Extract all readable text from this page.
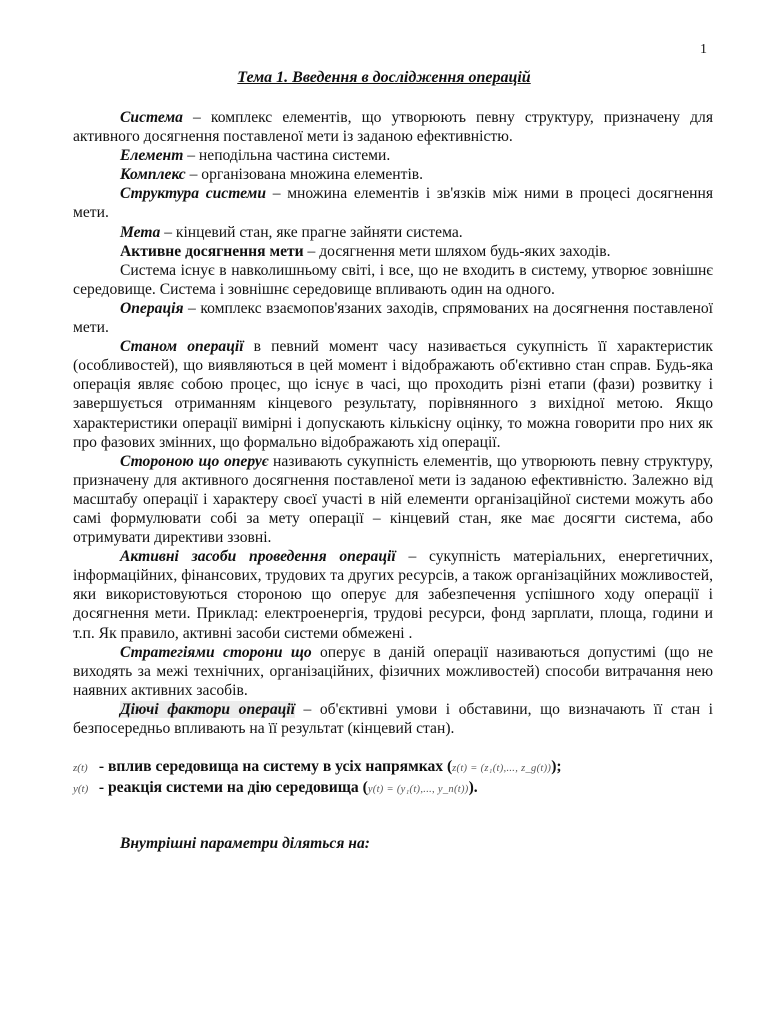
1
Тема 1. Введення в дослідження операцій

Система – комплекс елементів, що утворюють певну структуру, призначену для активного досягнення поставленої мети із заданою ефективністю.

Елемент – неподільна частина системи.

Комплекс – організована множина елементів.

Структура системи – множина елементів і зв'язків між ними в процесі досягнення мети.

Мета – кінцевий стан, яке прагне зайняти система.

Активне досягнення мети – досягнення мети шляхом будь-яких заходів.

Система існує в навколишньому світі, і все, що не входить в систему, утворює зовнішнє середовище. Система і зовнішнє середовище впливають один на одного.

Операція – комплекс взаємопов'язаних заходів, спрямованих на досягнення поставленої мети.

Станом операції в певний момент часу називається сукупність її характеристик (особливостей), що виявляються в цей момент і відображають об'єктивно стан справ. Будь-яка операція являє собою процес, що існує в часі, що проходить різні етапи (фази) розвитку і завершується отриманням кінцевого результату, порівнянного з вихідної метою. Якщо характеристики операції вимірні і допускають кількісну оцінку, то можна говорити про них як про фазових змінних, що формально відображають хід операції.

Стороною що оперує називають сукупність елементів, що утворюють певну структуру, призначену для активного досягнення поставленої мети із заданою ефективністю. Залежно від масштабу операції і характеру своєї участі в ній елементи організаційної системи можуть або самі формулювати собі за мету операції – кінцевий стан, яке має досягти система, або отримувати директиви ззовні.

Активні засоби проведення операції – сукупність матеріальних, енергетичних, інформаційних, фінансових, трудових та других ресурсів, а також організаційних можливостей, яки використовуються стороною що оперує для забезпечення успішного ходу операції і досягнення мети. Приклад: електроенергія, трудові ресурси, фонд зарплати, площа, години и т.п. Як правило, активні засоби системи обмежені .

Стратегіями сторони що оперує в даній операції називаються допустимі (що не виходять за межі технічних, організаційних, фізичних можливостей) способи витрачання нею наявних активних засобів.

Діючі фактори операції – об'єктивні умови і обставини, що визначають її стан і безпосередньо впливають на її результат (кінцевий стан).

z(t) - вплив середовища на систему в усіх напрямках (z(t) = (z₁(t),..., z_g(t)));

y(t) - реакція системи на дію середовища (y(t) = (y₁(t),..., y_n(t))).

Внутрішні параметри діляться на:
